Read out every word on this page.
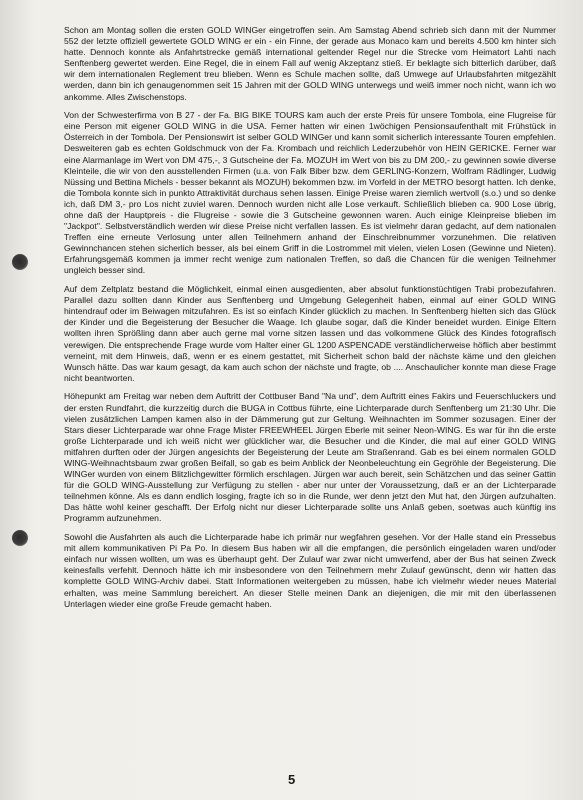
Schon am Montag sollen die ersten GOLD WINGer eingetroffen sein. Am Samstag Abend schrieb sich dann mit der Nummer 552 der letzte offiziell gewertete GOLD WING er ein - ein Finne, der gerade aus Monaco kam und bereits 4.500 km hinter sich hatte. Dennoch konnte als Anfahrtstrecke gemäß international geltender Regel nur die Strecke vom Heimatort Lahti nach Senftenberg gewertet werden. Eine Regel, die in einem Fall auf wenig Akzeptanz stieß. Er beklagte sich bitterlich darüber, daß wir dem internationalen Reglement treu blieben. Wenn es Schule machen sollte, daß Umwege auf Urlaubsfahrten mitgezählt werden, dann bin ich genaugenommen seit 15 Jahren mit der GOLD WING unterwegs und weiß immer noch nicht, wann ich wo ankomme. Alles Zwischenstops.

Von der Schwesterfirma von B 27 - der Fa. BIG BIKE TOURS kam auch der erste Preis für unsere Tombola, eine Flugreise für eine Person mit eigener GOLD WING in die USA. Ferner hatten wir einen 1wöchigen Pensionsaufenthalt mit Frühstück in Österreich in der Tombola. Der Pensionswirt ist selber GOLD WINGer und kann somit sicherlich interessante Touren empfehlen. Desweiteren gab es echten Goldschmuck von der Fa. Krombach und reichlich Lederzubehör von HEIN GERICKE. Ferner war eine Alarmanlage im Wert von DM 475,-, 3 Gutscheine der Fa. MOZUH im Wert von bis zu DM 200,- zu gewinnen sowie diverse Kleinteile, die wir von den ausstellenden Firmen (u.a. von Falk Biber bzw. dem GERLING-Konzern, Wolfram Rädlinger, Ludwig Nüssing und Bettina Michels - besser bekannt als MOZUH) bekommen bzw. im Vorfeld in der METRO besorgt hatten. Ich denke, die Tombola konnte sich in punkto Attraktivität durchaus sehen lassen. Einige Preise waren ziemlich wertvoll (s.o.) und so denke ich, daß DM 3,- pro Los nicht zuviel waren. Dennoch wurden nicht alle Lose verkauft. Schließlich blieben ca. 900 Lose übrig, ohne daß der Hauptpreis - die Flugreise - sowie die 3 Gutscheine gewonnen waren. Auch einige Kleinpreise blieben im "Jackpot". Selbstverständlich werden wir diese Preise nicht verfallen lassen. Es ist vielmehr daran gedacht, auf dem nationalen Treffen eine erneute Verlosung unter allen Teilnehmern anhand der Einschreibnummer vorzunehmen. Die relativen Gewinnchancen stehen sicherlich besser, als bei einem Griff in die Lostrommel mit vielen, vielen Losen (Gewinne und Nieten). Erfahrungsgemäß kommen ja immer recht wenige zum nationalen Treffen, so daß die Chancen für die wenigen Teilnehmer ungleich besser sind.

Auf dem Zeltplatz bestand die Möglichkeit, einmal einen ausgedienten, aber absolut funktionstüchtigen Trabi probezufahren. Parallel dazu sollten dann Kinder aus Senftenberg und Umgebung Gelegenheit haben, einmal auf einer GOLD WING hintendrauf oder im Beiwagen mitzufahren. Es ist so einfach Kinder glücklich zu machen. In Senftenberg hielten sich das Glück der Kinder und die Begeisterung der Besucher die Waage. Ich glaube sogar, daß die Kinder beneidet wurden. Einige Eltern wollten ihren Sprößling dann aber auch gerne mal vorne sitzen lassen und das volkommene Glück des Kindes fotografisch verewigen. Die entsprechende Frage wurde vom Halter einer GL 1200 ASPENCADE verständlicherweise höflich aber bestimmt verneint, mit dem Hinweis, daß, wenn er es einem gestattet, mit Sicherheit schon bald der nächste käme und den gleichen Wunsch hätte. Das war kaum gesagt, da kam auch schon der nächste und fragte, ob .... Anschaulicher konnte man diese Frage nicht beantworten.

Höhepunkt am Freitag war neben dem Auftritt der Cottbuser Band "Na und", dem Auftritt eines Fakirs und Feuerschluckers und der ersten Rundfahrt, die kurzzeitig durch die BUGA in Cottbus führte, eine Lichterparade durch Senftenberg um 21:30 Uhr. Die vielen zusätzlichen Lampen kamen also in der Dämmerung gut zur Geltung. Weihnachten im Sommer sozusagen. Einer der Stars dieser Lichterparade war ohne Frage Mister FREEWHEEL Jürgen Eberle mit seiner Neon-WING. Es war für ihn die erste große Lichterparade und ich weiß nicht wer glücklicher war, die Besucher und die Kinder, die mal auf einer GOLD WING mitfahren durften oder der Jürgen angesichts der Begeisterung der Leute am Straßenrand. Gab es bei einem normalen GOLD WING-Weihnachtsbaum zwar großen Beifall, so gab es beim Anblick der Neonbeleuchtung ein Gegröhle der Begeisterung. Die WINGer wurden von einem Blitzlichgewitter förmlich erschlagen. Jürgen war auch bereit, sein Schätzchen und das seiner Gattin für die GOLD WING-Ausstellung zur Verfügung zu stellen - aber nur unter der Voraussetzung, daß er an der Lichterparade teilnehmen könne. Als es dann endlich losging, fragte ich so in die Runde, wer denn jetzt den Mut hat, den Jürgen aufzuhalten. Das hätte wohl keiner geschafft. Der Erfolg nicht nur dieser Lichterparade sollte uns Anlaß geben, soetwas auch künftig ins Programm aufzunehmen.

Sowohl die Ausfahrten als auch die Lichterparade habe ich primär nur wegfahren gesehen. Vor der Halle stand ein Pressebus mit allem kommunikativen Pi Pa Po. In diesem Bus haben wir all die empfangen, die persönlich eingeladen waren und/oder einfach nur wissen wollten, um was es überhaupt geht. Der Zulauf war zwar nicht umwerfend, aber der Bus hat seinen Zweck keinesfalls verfehlt. Dennoch hätte ich mir insbesondere von den Teilnehmern mehr Zulauf gewünscht, denn wir hatten das komplette GOLD WING-Archiv dabei. Statt Informationen weitergeben zu müssen, habe ich vielmehr wieder neues Material erhalten, was meine Sammlung bereichert. An dieser Stelle meinen Dank an diejenigen, die mir mit den überlassenen Unterlagen wieder eine große Freude gemacht haben.

5
